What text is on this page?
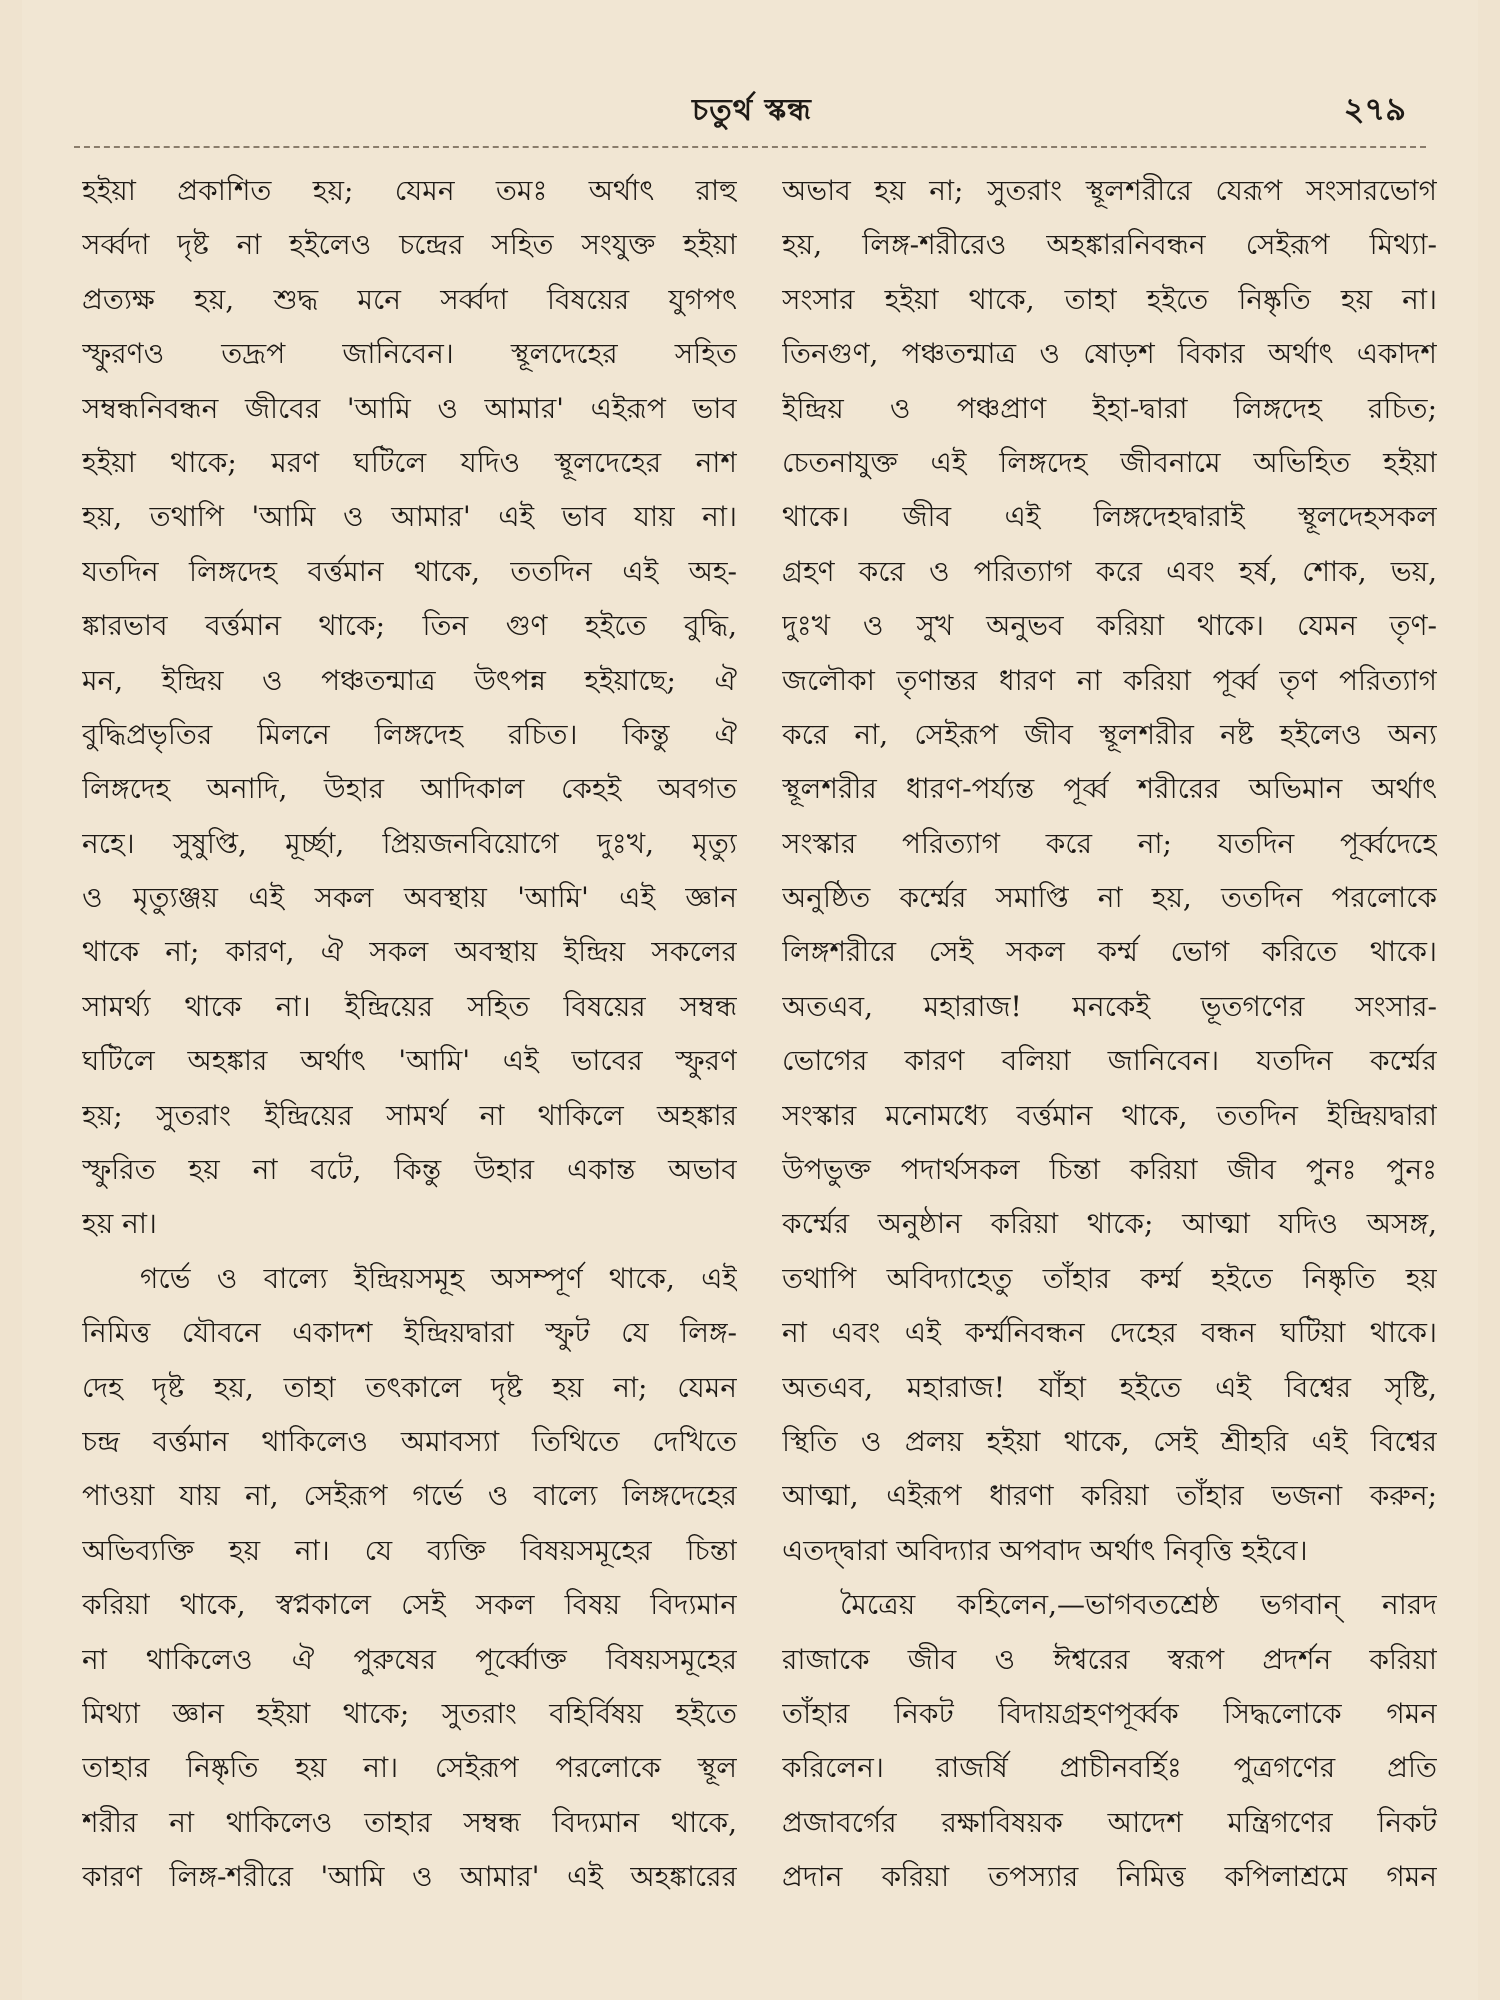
চতুর্থ স্কন্ধ	২৭৯
হইয়া প্রকাশিত হয়; যেমন তমঃ অর্থাৎ রাহু
সর্ব্বদা দৃষ্ট না হইলেও চন্দ্রের সহিত সংযুক্ত হইয়া
প্রত্যক্ষ হয়, শুদ্ধ মনে সর্ব্বদা বিষয়ের যুগপৎ
স্ফুরণও তদ্রূপ জানিবেন। স্থূলদেহের সহিত
সম্বন্ধনিবন্ধন জীবের 'আমি ও আমার' এইরূপ ভাব
হইয়া থাকে; মরণ ঘটিলে যদিও স্থূলদেহের নাশ
হয়, তথাপি 'আমি ও আমার' এই ভাব যায় না।
যতদিন লিঙ্গদেহ বর্ত্তমান থাকে, ততদিন এই অহ-
ঙ্কারভাব বর্ত্তমান থাকে; তিন গুণ হইতে বুদ্ধি,
মন, ইন্দ্রিয় ও পঞ্চতন্মাত্র উৎপন্ন হইয়াছে; ঐ
বুদ্ধিপ্রভৃতির মিলনে লিঙ্গদেহ রচিত। কিন্তু ঐ
লিঙ্গদেহ অনাদি, উহার আদিকাল কেহই অবগত
নহে। সুষুপ্তি, মূর্চ্ছা, প্রিয়জনবিয়োগে দুঃখ, মৃত্যু
ও মৃত্যুঞ্জয় এই সকল অবস্থায় 'আমি' এই জ্ঞান
থাকে না; কারণ, ঐ সকল অবস্থায় ইন্দ্রিয় সকলের
সামর্থ্য থাকে না। ইন্দ্রিয়ের সহিত বিষয়ের সম্বন্ধ
ঘটিলে অহঙ্কার অর্থাৎ 'আমি' এই ভাবের স্ফুরণ
হয়; সুতরাং ইন্দ্রিয়ের সামর্থ না থাকিলে অহঙ্কার
স্ফুরিত হয় না বটে, কিন্তু উহার একান্ত অভাব
হয় না।
গর্ভে ও বাল্যে ইন্দ্রিয়সমূহ অসম্পূর্ণ থাকে, এই
নিমিত্ত যৌবনে একাদশ ইন্দ্রিয়দ্বারা স্ফুট যে লিঙ্গ-
দেহ দৃষ্ট হয়, তাহা তৎকালে দৃষ্ট হয় না; যেমন
চন্দ্র বর্ত্তমান থাকিলেও অমাবস্যা তিথিতে দেখিতে
পাওয়া যায় না, সেইরূপ গর্ভে ও বাল্যে লিঙ্গদেহের
অভিব্যক্তি হয় না। যে ব্যক্তি বিষয়সমূহের চিন্তা
করিয়া থাকে, স্বপ্নকালে সেই সকল বিষয় বিদ্যমান
না থাকিলেও ঐ পুরুষের পূর্ব্বোক্ত বিষয়সমূহের
মিথ্যা জ্ঞান হইয়া থাকে; সুতরাং বহির্বিষয় হইতে
তাহার নিষ্কৃতি হয় না। সেইরূপ পরলোকে স্থূল
শরীর না থাকিলেও তাহার সম্বন্ধ বিদ্যমান থাকে,
কারণ লিঙ্গ-শরীরে 'আমি ও আমার' এই অহঙ্কারের
অভাব হয় না; সুতরাং স্থূলশরীরে যেরূপ সংসারভোগ
হয়, লিঙ্গ-শরীরেও অহঙ্কারনিবন্ধন সেইরূপ মিথ্যা-
সংসার হইয়া থাকে, তাহা হইতে নিষ্কৃতি হয় না।
তিনগুণ, পঞ্চতন্মাত্র ও ষোড়শ বিকার অর্থাৎ একাদশ
ইন্দ্রিয় ও পঞ্চপ্রাণ ইহা-দ্বারা লিঙ্গদেহ রচিত;
চেতনাযুক্ত এই লিঙ্গদেহ জীবনামে অভিহিত হইয়া
থাকে। জীব এই লিঙ্গদেহদ্বারাই স্থূলদেহসকল
গ্রহণ করে ও পরিত্যাগ করে এবং হর্ষ, শোক, ভয়,
দুঃখ ও সুখ অনুভব করিয়া থাকে। যেমন তৃণ-
জলৌকা তৃণান্তর ধারণ না করিয়া পূর্ব্ব তৃণ পরিত্যাগ
করে না, সেইরূপ জীব স্থূলশরীর নষ্ট হইলেও অন্য
স্থূলশরীর ধারণ-পর্য্যন্ত পূর্ব্ব শরীরের অভিমান অর্থাৎ
সংস্কার পরিত্যাগ করে না; যতদিন পূর্ব্বদেহে
অনুষ্ঠিত কর্ম্মের সমাপ্তি না হয়, ততদিন পরলোকে
লিঙ্গশরীরে সেই সকল কর্ম্ম ভোগ করিতে থাকে।
অতএব, মহারাজ! মনকেই ভূতগণের সংসার-
ভোগের কারণ বলিয়া জানিবেন। যতদিন কর্ম্মের
সংস্কার মনোমধ্যে বর্ত্তমান থাকে, ততদিন ইন্দ্রিয়দ্বারা
উপভুক্ত পদার্থসকল চিন্তা করিয়া জীব পুনঃ পুনঃ
কর্ম্মের অনুষ্ঠান করিয়া থাকে; আত্মা যদিও অসঙ্গ,
তথাপি অবিদ্যাহেতু তাঁহার কর্ম্ম হইতে নিষ্কৃতি হয়
না এবং এই কর্ম্মনিবন্ধন দেহের বন্ধন ঘটিয়া থাকে।
অতএব, মহারাজ! যাঁহা হইতে এই বিশ্বের সৃষ্টি,
স্থিতি ও প্রলয় হইয়া থাকে, সেই শ্রীহরি এই বিশ্বের
আত্মা, এইরূপ ধারণা করিয়া তাঁহার ভজনা করুন;
এতদ্দ্বারা অবিদ্যার অপবাদ অর্থাৎ নিবৃত্তি হইবে।
মৈত্রেয় কহিলেন,—ভাগবতশ্রেষ্ঠ ভগবান্ নারদ
রাজাকে জীব ও ঈশ্বরের স্বরূপ প্রদর্শন করিয়া
তাঁহার নিকট বিদায়গ্রহণপূর্ব্বক সিদ্ধলোকে গমন
করিলেন। রাজর্ষি প্রাচীনবর্হিঃ পুত্রগণের প্রতি
প্রজাবর্গের রক্ষাবিষয়ক আদেশ মন্ত্রিগণের নিকট
প্রদান করিয়া তপস্যার নিমিত্ত কপিলাশ্রমে গমন
